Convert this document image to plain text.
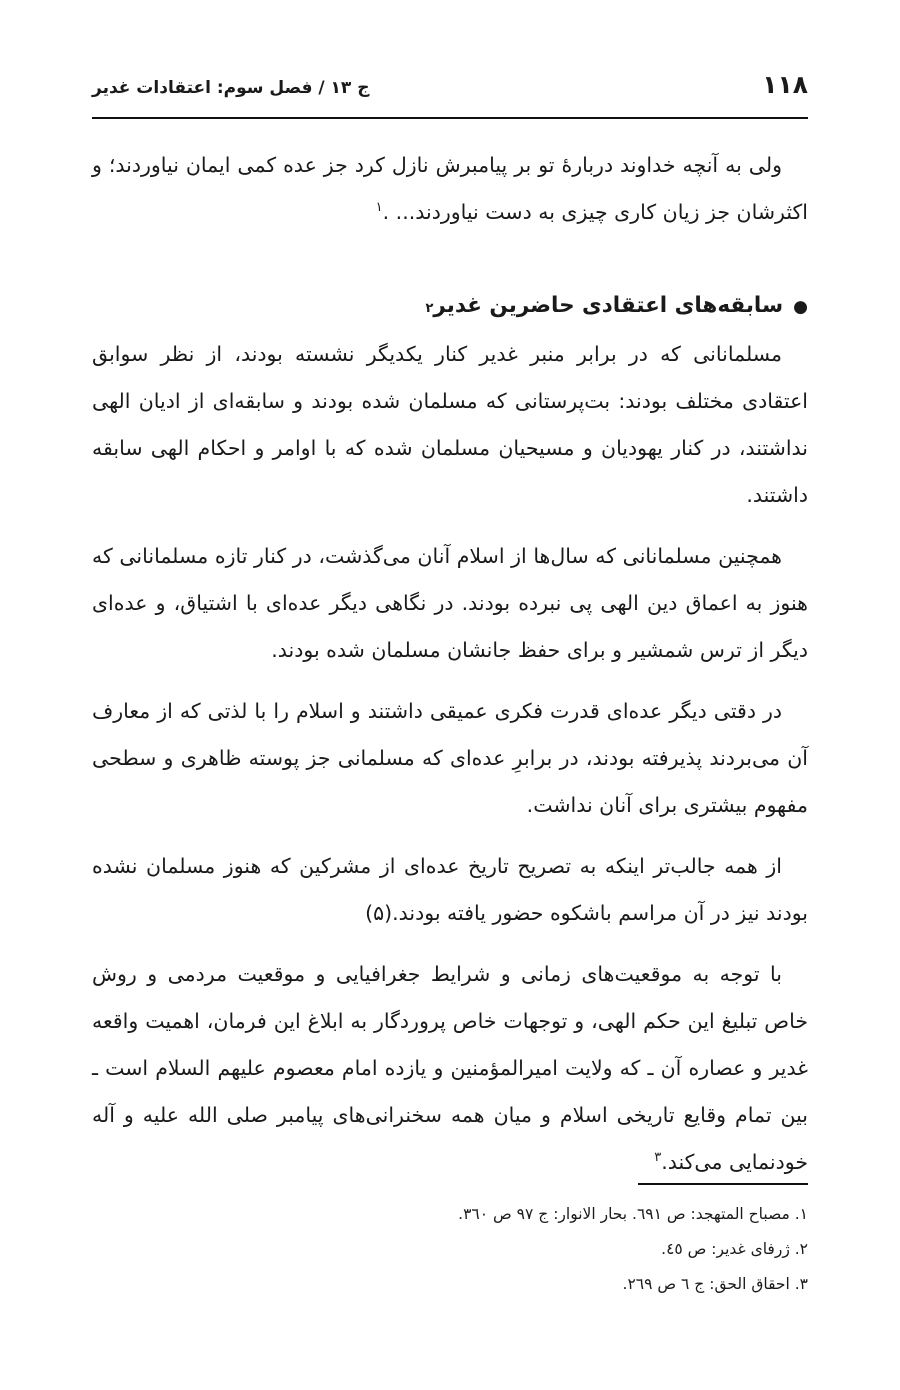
١١٨
ج ١٣ / فصل سوم: اعتقادات غدیر

ولی به آنچه خداوند دربارهٔ تو بر پیامبرش نازل کرد جز عده کمی ایمان نیاوردند؛ و اکثرشان جز زیان کاری چیزی به دست نیاوردند... .$^١$

●
سابقه‌های اعتقادی حاضرین غدیر
٢

مسلمانانی که در برابر منبر غدیر کنار یکدیگر نشسته بودند، از نظر سوابق اعتقادی مختلف بودند: بت‌پرستانی که مسلمان شده بودند و سابقه‌ای از ادیان الهی نداشتند، در کنار یهودیان و مسیحیان مسلمان شده که با اوامر و احکام الهی سابقه داشتند.

همچنین مسلمانانی که سال‌ها از اسلام آنان می‌گذشت، در کنار تازه مسلمانانی که هنوز به اعماق دین الهی پی نبرده بودند. در نگاهی دیگر عده‌ای با اشتیاق، و عده‌ای دیگر از ترس شمشیر و برای حفظ جانشان مسلمان شده بودند.

در دقتی دیگر عده‌ای قدرت فکری عمیقی داشتند و اسلام را با لذتی که از معارف آن می‌بردند پذیرفته بودند، در برابرِ عده‌ای که مسلمانی جز پوسته ظاهری و سطحی مفهوم بیشتری برای آنان نداشت.

از همه جالب‌تر اینکه به تصریح تاریخ عده‌ای از مشرکین که هنوز مسلمان نشده بودند نیز در آن مراسم باشکوه حضور یافته بودند.(۵)

با توجه به موقعیت‌های زمانی و شرایط جغرافیایی و موقعیت مردمی و روش خاص تبلیغ این حکم الهی، و توجهات خاص پروردگار به ابلاغ این فرمان، اهمیت واقعه غدیر و عصاره آن ـ که ولایت امیرالمؤمنین و یازده امام معصوم علیهم السلام است ـ بین تمام وقایع تاریخی اسلام و میان همه سخنرانی‌های پیامبر صلی الله علیه و آله خودنمایی می‌کند.$^٣$

١. مصباح المتهجد: ص ٦٩١. بحار الانوار: ج ٩٧ ص ٣٦٠.
٢. ژرفای غدیر: ص ٤٥.
٣. احقاق الحق: ج ٦ ص ٢٦٩.
